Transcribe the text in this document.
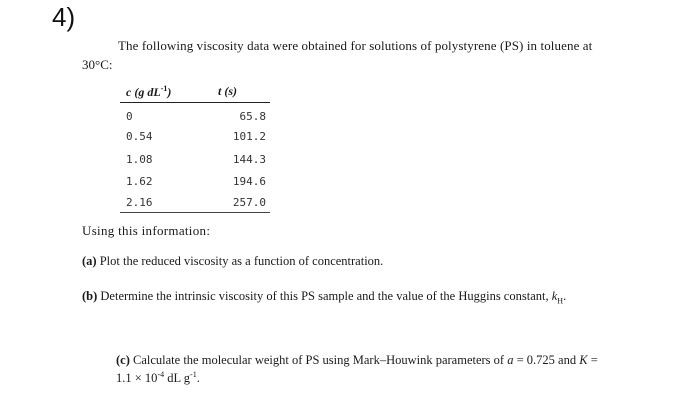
4)
The following viscosity data were obtained for solutions of polystyrene (PS) in toluene at
30°C:
c (g $dL^{-1}$)	t (s)
0	65.8
0.54	101.2
1.08	144.3
1.62	194.6
2.16	257.0
Using this information:
(a) Plot the reduced viscosity as a function of concentration.
(b) Determine the intrinsic viscosity of this PS sample and the value of the Huggins constant, $k_H$.
(c) Calculate the molecular weight of PS using Mark–Houwink parameters of a = 0.725 and K =
$1.1 \times 10^{-4}$ dL $g^{-1}$.
